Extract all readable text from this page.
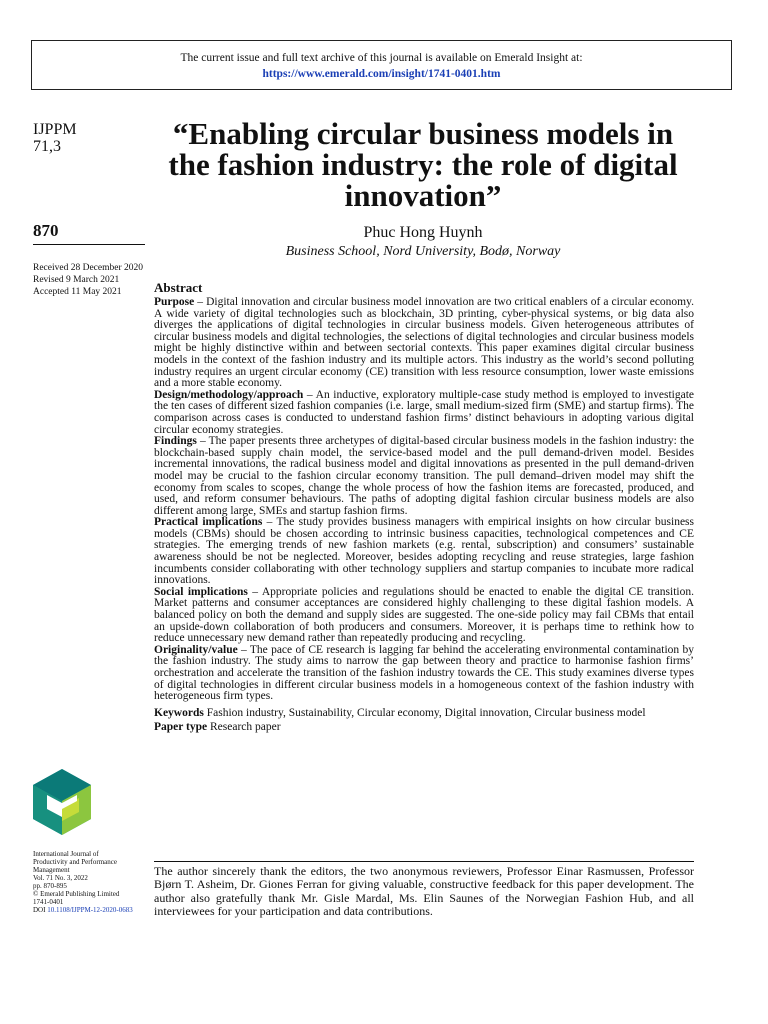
The current issue and full text archive of this journal is available on Emerald Insight at:
https://www.emerald.com/insight/1741-0401.htm
IJPPM
71,3	“Enabling circular business models in the fashion industry: the role of digital innovation”
870	Phuc Hong Huynh
Business School, Nord University, Bodø, Norway
Received 28 December 2020
Revised 9 March 2021
Accepted 11 May 2021	Abstract

Purpose – Digital innovation and circular business model innovation are two critical enablers of a circular economy. A wide variety of digital technologies such as blockchain, 3D printing, cyber-physical systems, or big data also diverges the applications of digital technologies in circular business models. Given heterogeneous attributes of circular business models and digital technologies, the selections of digital technologies and circular business models might be highly distinctive within and between sectorial contexts. This paper examines digital circular business models in the context of the fashion industry and its multiple actors. This industry as the world’s second polluting industry requires an urgent circular economy (CE) transition with less resource consumption, lower waste emissions and a more stable economy.

Design/methodology/approach – An inductive, exploratory multiple-case study method is employed to investigate the ten cases of different sized fashion companies (i.e. large, small medium-sized firm (SME) and startup firms). The comparison across cases is conducted to understand fashion firms’ distinct behaviours in adopting various digital circular economy strategies.

Findings – The paper presents three archetypes of digital-based circular business models in the fashion industry: the blockchain-based supply chain model, the service-based model and the pull demand-driven model. Besides incremental innovations, the radical business model and digital innovations as presented in the pull demand-driven model may be crucial to the fashion circular economy transition. The pull demand–driven model may shift the economy from scales to scopes, change the whole process of how the fashion items are forecasted, produced, and used, and reform consumer behaviours. The paths of adopting digital fashion circular business models are also different among large, SMEs and startup fashion firms.

Practical implications – The study provides business managers with empirical insights on how circular business models (CBMs) should be chosen according to intrinsic business capacities, technological competences and CE strategies. The emerging trends of new fashion markets (e.g. rental, subscription) and consumers’ sustainable awareness should be not be neglected. Moreover, besides adopting recycling and reuse strategies, large fashion incumbents consider collaborating with other technology suppliers and startup companies to incubate more radical innovations.

Social implications – Appropriate policies and regulations should be enacted to enable the digital CE transition. Market patterns and consumer acceptances are considered highly challenging to these digital fashion models. A balanced policy on both the demand and supply sides are suggested. The one-side policy may fail CBMs that entail an upside-down collaboration of both producers and consumers. Moreover, it is perhaps time to rethink how to reduce unnecessary new demand rather than repeatedly producing and recycling.

Originality/value – The pace of CE research is lagging far behind the accelerating environmental contamination by the fashion industry. The study aims to narrow the gap between theory and practice to harmonise fashion firms’ orchestration and accelerate the transition of the fashion industry towards the CE. This study examines diverse types of digital technologies in different circular business models in a homogeneous context of the fashion industry with heterogeneous firm types.

Keywords Fashion industry, Sustainability, Circular economy, Digital innovation, Circular business model

Paper type Research paper

International Journal of
Productivity and Performance
Management
Vol. 71 No. 3, 2022
pp. 870-895
© Emerald Publishing Limited
1741-0401
DOI 10.1108/IJPPM-12-2020-0683
The author sincerely thank the editors, the two anonymous reviewers, Professor Einar Rasmussen, Professor Bjørn T. Asheim, Dr. Giones Ferran for giving valuable, constructive feedback for this paper development. The author also gratefully thank Mr. Gisle Mardal, Ms. Elin Saunes of the Norwegian Fashion Hub, and all interviewees for your participation and data contributions.
